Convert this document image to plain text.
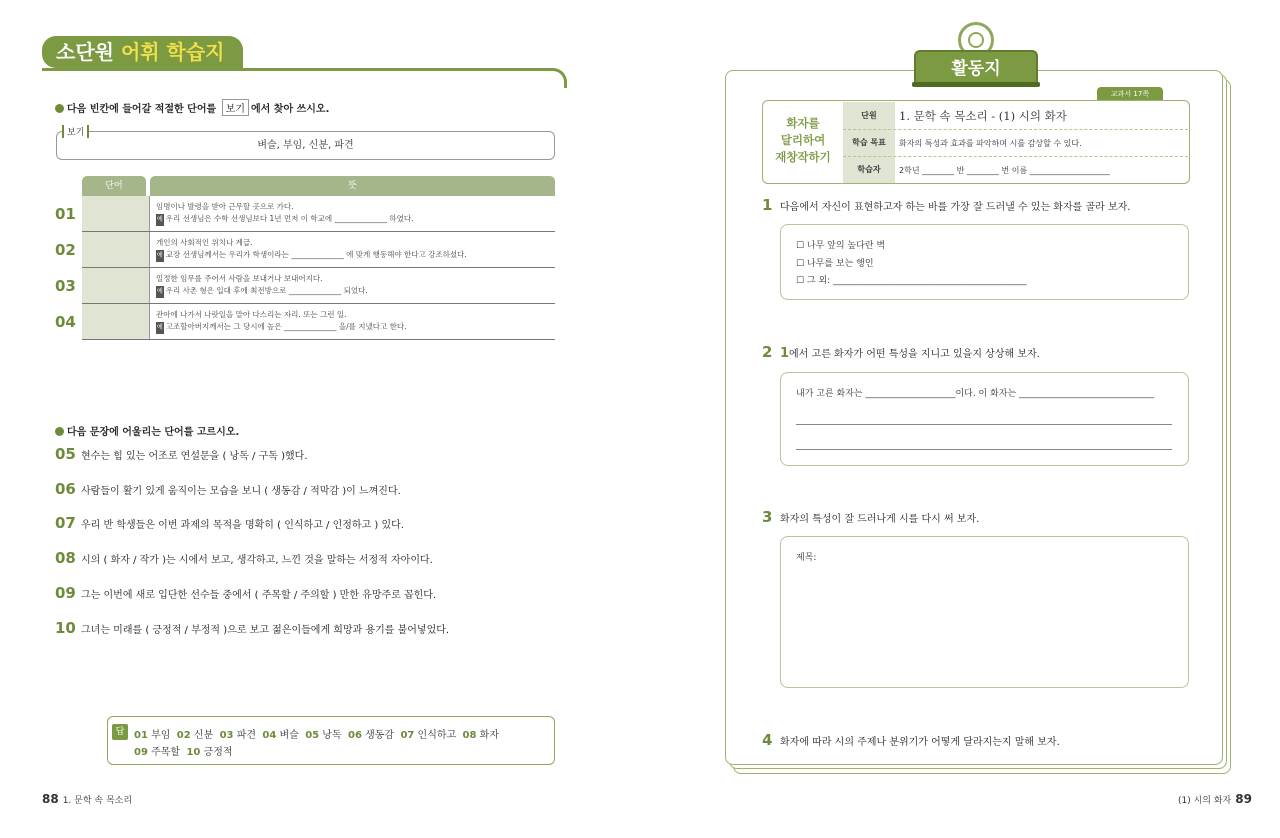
소단원 어휘 학습지
다음 빈칸에 들어갈 적절한 단어를 보기 에서 찾아 쓰시오.
벼슬, 부임, 신분, 파견
보기
단어	뜻
임명이나 발령을 받아 근무할 곳으로 가다.
예 우리 선생님은 수학 선생님보다 1년 먼저 이 학교에 ______________ 하였다.
개인의 사회적인 위치나 계급.
예 교장 선생님께서는 우리가 학생이라는 ______________ 에 맞게 행동해야 한다고 강조하셨다.
일정한 임무를 주어서 사람을 보내거나 보내어지다.
예 우리 사촌 형은 입대 후에 최전방으로 ______________ 되었다.
관아에 나가서 나랏일을 맡아 다스리는 자리. 또는 그런 일.
예 고조할아버지께서는 그 당시에 높은 ______________ 을/를 지냈다고 한다.
01
02
03
04
다음 문장에 어울리는 단어를 고르시오.
05 현수는 힘 있는 어조로 연설문을 ( 낭독 / 구독 )했다.
06 사람들이 활기 있게 움직이는 모습을 보니 ( 생동감 / 적막감 )이 느껴진다.
07 우리 반 학생들은 이번 과제의 목적을 명확히 ( 인식하고 / 인정하고 ) 있다.
08 시의 ( 화자 / 작가 )는 시에서 보고, 생각하고, 느낀 것을 말하는 서정적 자아이다.
09 그는 이번에 새로 입단한 선수들 중에서 ( 주목할 / 주의할 ) 만한 유망주로 꼽힌다.
10 그녀는 미래를 ( 긍정적 / 부정적 )으로 보고 젊은이들에게 희망과 용기를 불어넣었다.
답 01 부임 02 신분 03 파견 04 벼슬 05 낭독 06 생동감 07 인식하고 08 화자
09 주목할 10 긍정적
88 1. 문학 속 목소리
활동지
교과서 17쪽
화자를
달리하여
재창작하기
단원
학습 목표
학습자
1. 문학 속 목소리 - (1) 시의 화자
화자의 특성과 효과를 파악하며 시를 감상할 수 있다.
2학년 ________ 반 ________ 번 이름 ____________________
1 다음에서 자신이 표현하고자 하는 바를 가장 잘 드러낼 수 있는 화자를 골라 보자.
☐ 나무 앞의 높다란 벽
☐ 나무를 보는 행인
☐ 그 외: ___________________________________________
2 1에서 고른 화자가 어떤 특성을 지니고 있을지 상상해 보자.
내가 고른 화자는 ____________________이다. 이 화자는 ______________________________
3 화자의 특성이 잘 드러나게 시를 다시 써 보자.
제목:
4 화자에 따라 시의 주제나 분위기가 어떻게 달라지는지 말해 보자.
(1) 시의 화자 89
